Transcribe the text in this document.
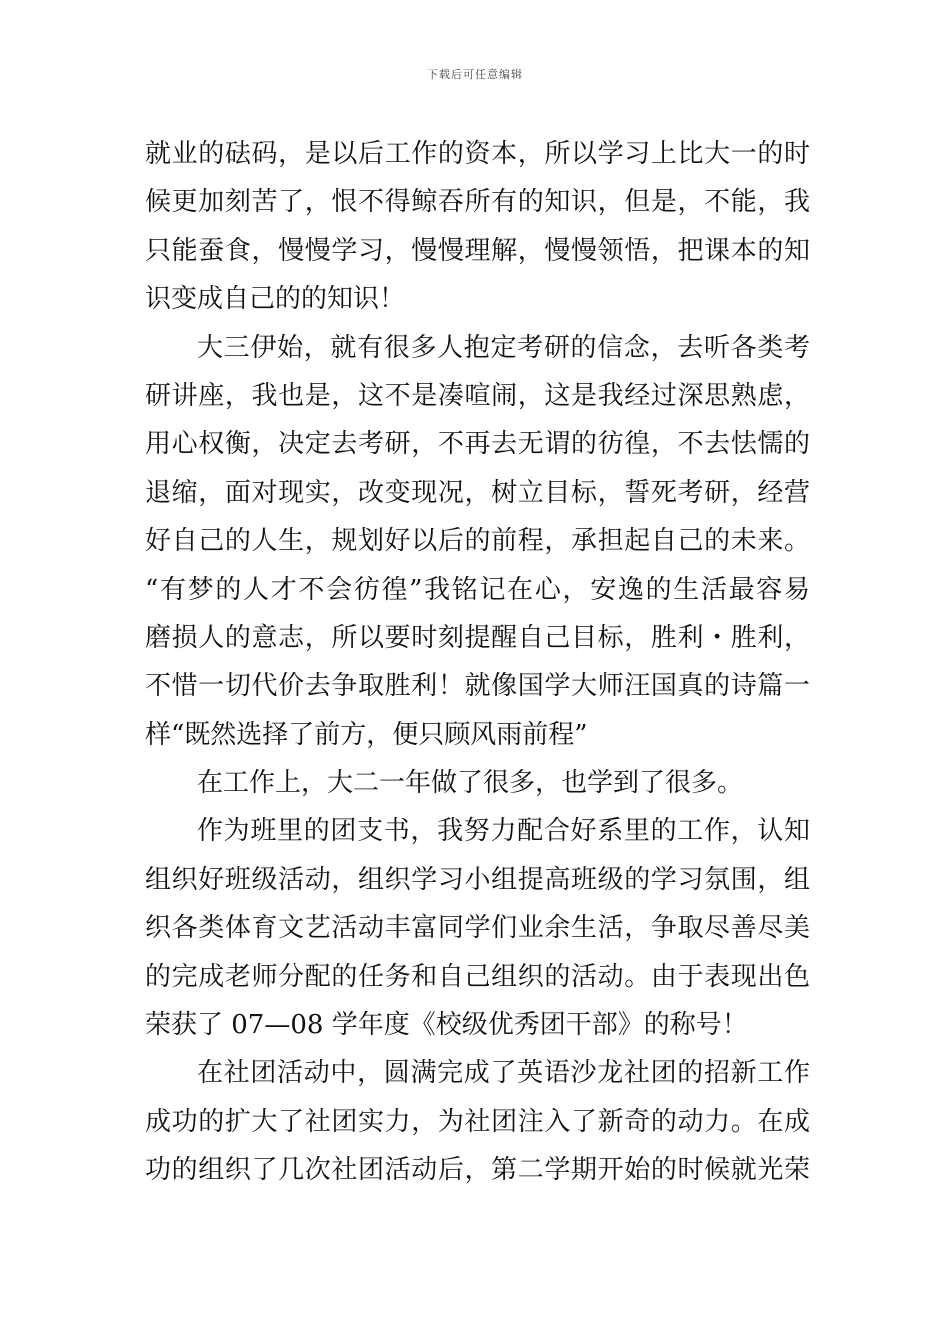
下载后可任意编辑
就业的砝码，是以后工作的资本，所以学习上比大一的时
候更加刻苦了，恨不得鲸吞所有的知识，但是，不能，我
只能蚕食，慢慢学习，慢慢理解，慢慢领悟，把课本的知
识变成自己的的知识！
大三伊始，就有很多人抱定考研的信念，去听各类考
研讲座，我也是，这不是凑喧闹，这是我经过深思熟虑，
用心权衡，决定去考研，不再去无谓的彷徨，不去怯懦的
退缩，面对现实，改变现况，树立目标，誓死考研，经营
好自己的人生，规划好以后的前程，承担起自己的未来。
“有梦的人才不会彷徨”我铭记在心，安逸的生活最容易
磨损人的意志，所以要时刻提醒自己目标，胜利・胜利，
不惜一切代价去争取胜利！就像国学大师汪国真的诗篇一
样“既然选择了前方，便只顾风雨前程”
在工作上，大二一年做了很多，也学到了很多。
作为班里的团支书，我努力配合好系里的工作，认知
组织好班级活动，组织学习小组提高班级的学习氛围，组
织各类体育文艺活动丰富同学们业余生活，争取尽善尽美
的完成老师分配的任务和自己组织的活动。由于表现出色
荣获了 07—08 学年度《校级优秀团干部》的称号！
在社团活动中，圆满完成了英语沙龙社团的招新工作
成功的扩大了社团实力，为社团注入了新奇的动力。在成
功的组织了几次社团活动后，第二学期开始的时候就光荣
